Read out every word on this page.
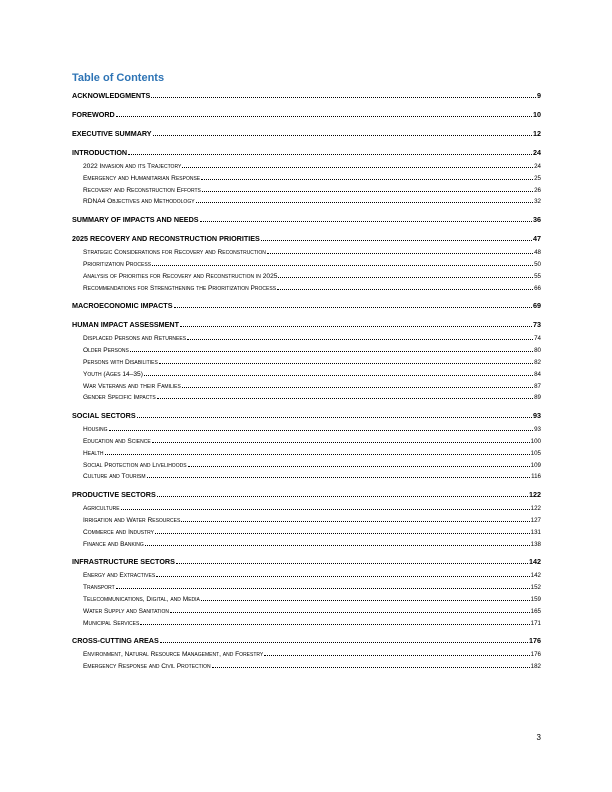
Table of Contents
ACKNOWLEDGMENTS	9
FOREWORD	10
EXECUTIVE SUMMARY	12
INTRODUCTION	24
2022 Invasion and its Trajectory	24
Emergency and Humanitarian Response	25
Recovery and Reconstruction Efforts	26
RDNA4 Objectives and Methodology	32
SUMMARY OF IMPACTS AND NEEDS	36
2025 RECOVERY AND RECONSTRUCTION PRIORITIES	47
Strategic Considerations for Recovery and Reconstruction	48
Prioritization Process	50
Analysis of Priorities for Recovery and Reconstruction in 2025	55
Recommendations for Strengthening the Prioritization Process	66
MACROECONOMIC IMPACTS	69
HUMAN IMPACT ASSESSMENT	73
Displaced Persons and Returnees	74
Older Persons	80
Persons with Disabilities	82
Youth (Ages 14–35)	84
War Veterans and their Families	87
Gender Specific Impacts	89
SOCIAL SECTORS	93
Housing	93
Education and Science	100
Health	105
Social Protection and Livelihoods	109
Culture and Tourism	116
PRODUCTIVE SECTORS	122
Agriculture	122
Irrigation and Water Resources	127
Commerce and Industry	131
Finance and Banking	138
INFRASTRUCTURE SECTORS	142
Energy and Extractives	142
Transport	152
Telecommunications, Digital, and Media	159
Water Supply and Sanitation	165
Municipal Services	171
CROSS-CUTTING AREAS	176
Environment, Natural Resource Management, and Forestry	176
Emergency Response and Civil Protection	182
3
